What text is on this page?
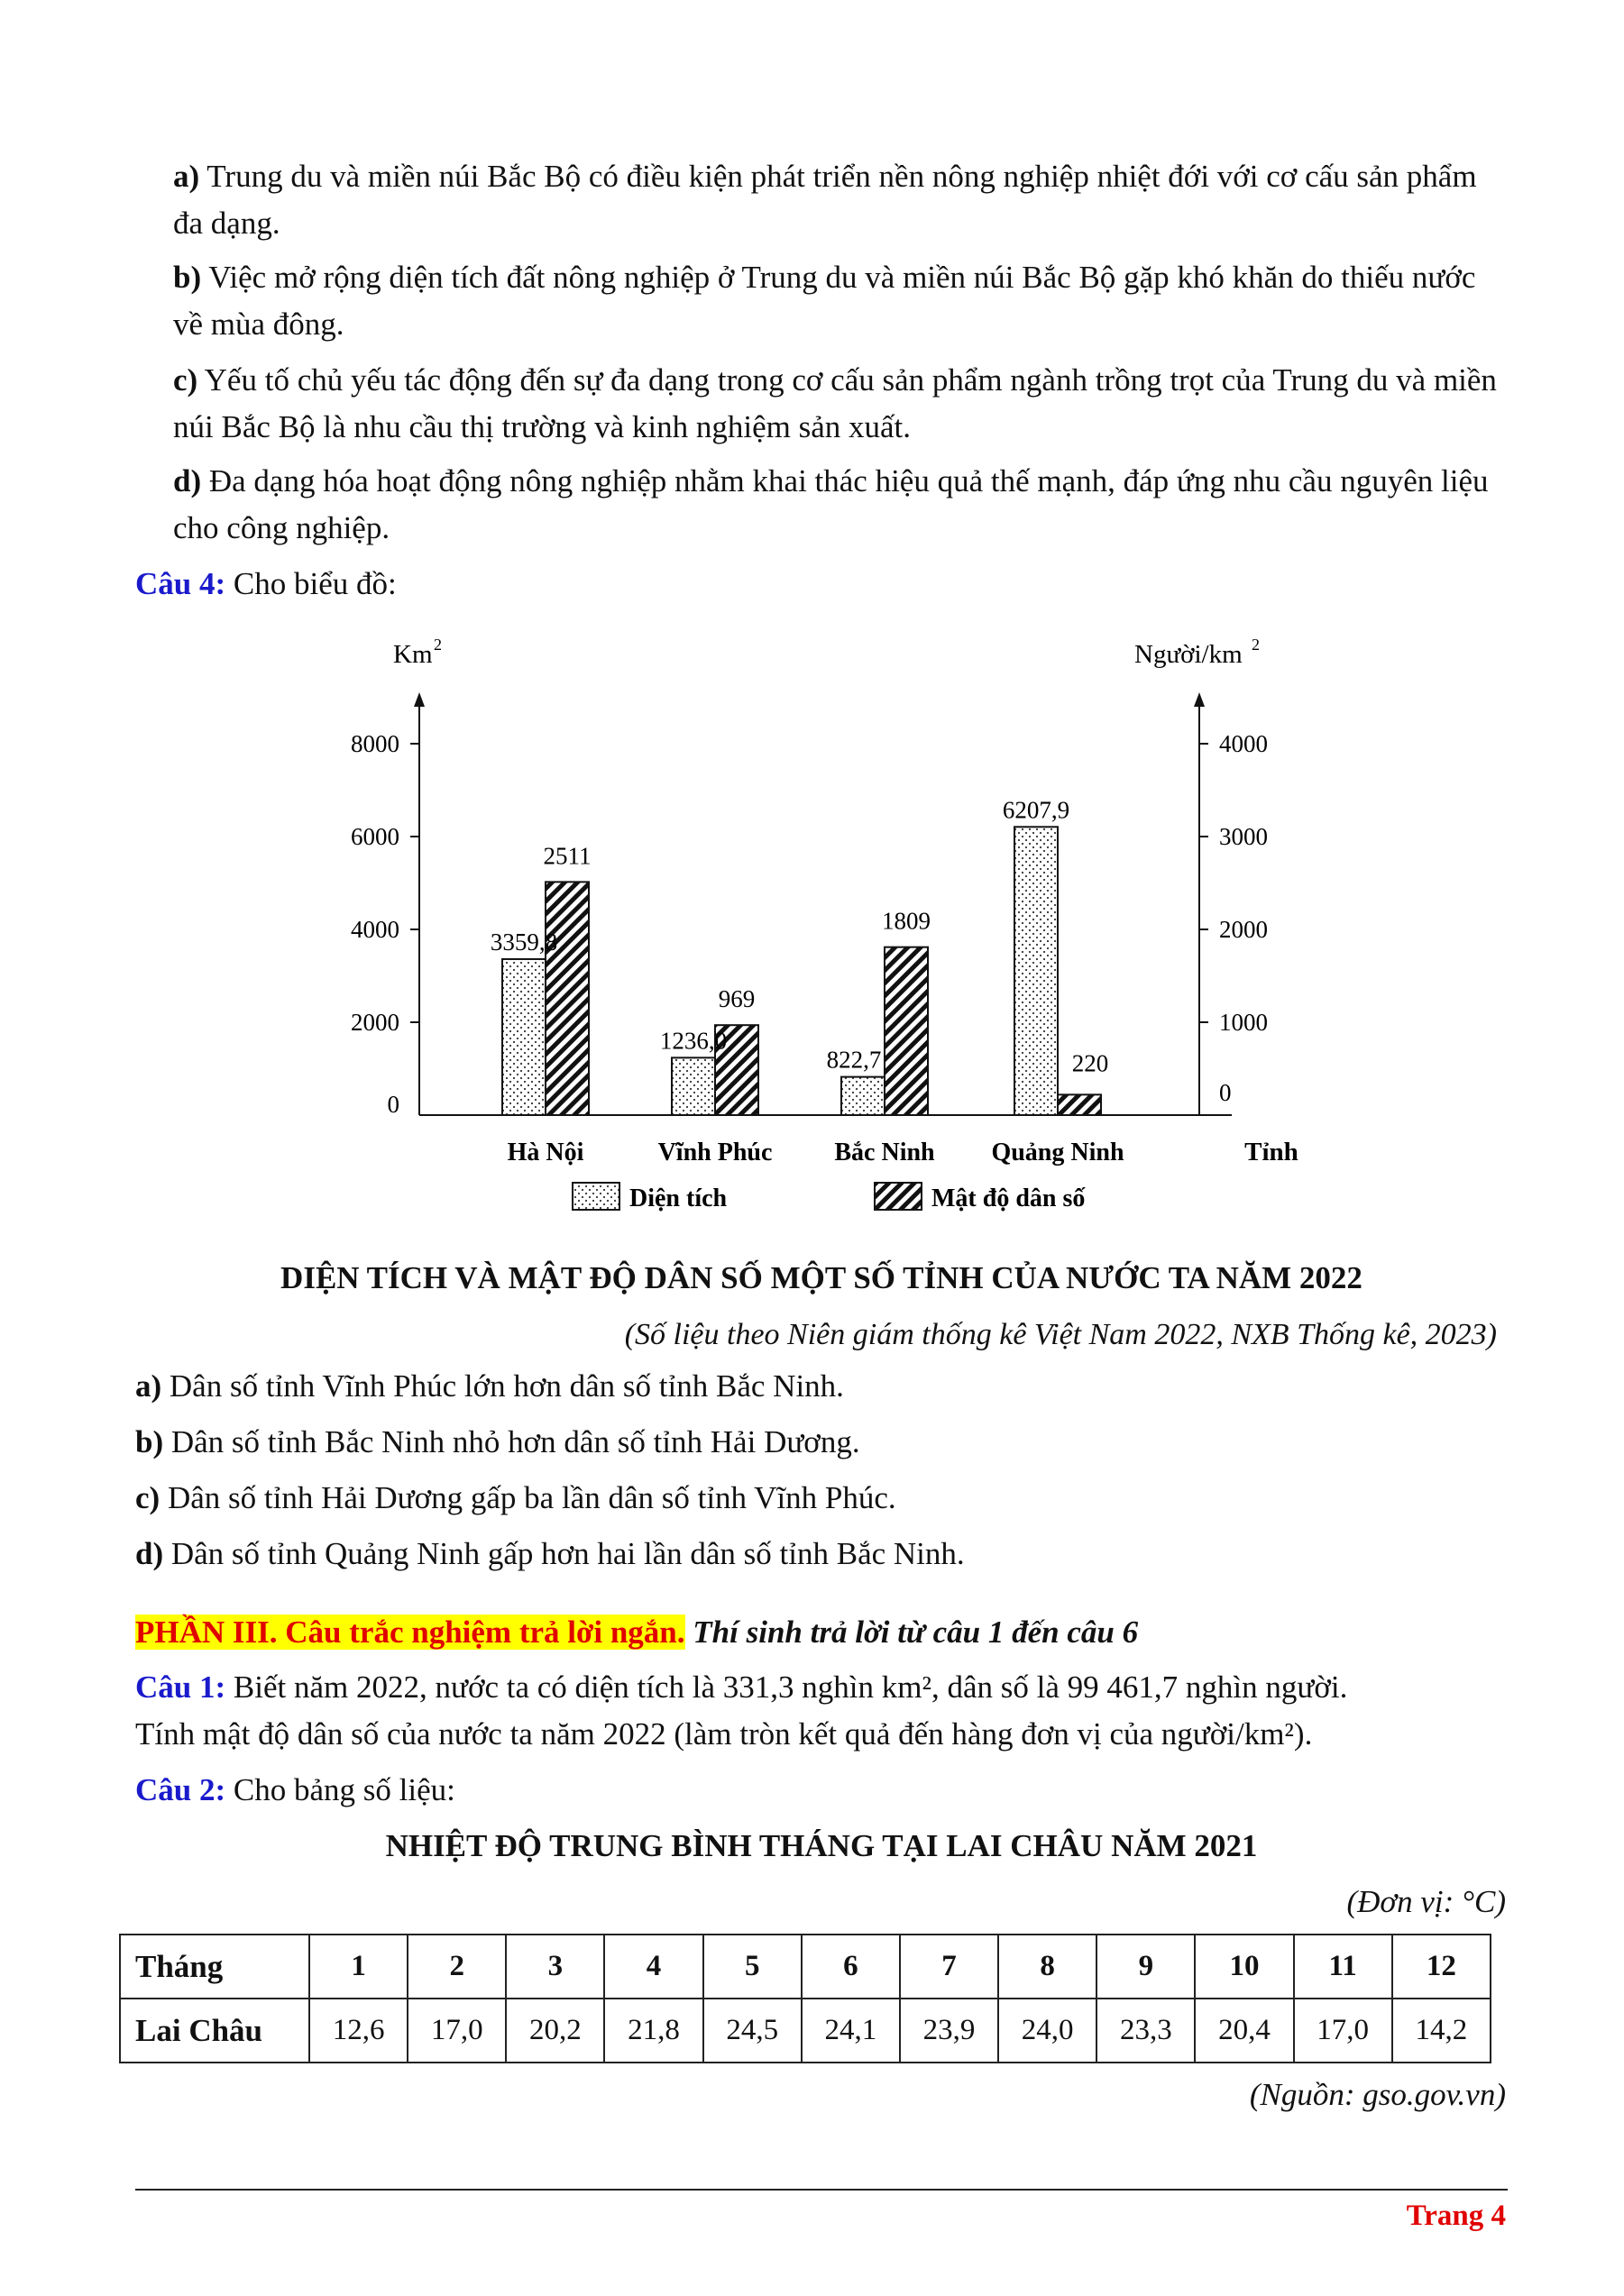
a) Trung du và miền núi Bắc Bộ có điều kiện phát triển nền nông nghiệp nhiệt đới với cơ cấu sản phẩm đa dạng.
b) Việc mở rộng diện tích đất nông nghiệp ở Trung du và miền núi Bắc Bộ gặp khó khăn do thiếu nước về mùa đông.
c) Yếu tố chủ yếu tác động đến sự đa dạng trong cơ cấu sản phẩm ngành trồng trọt của Trung du và miền núi Bắc Bộ là nhu cầu thị trường và kinh nghiệm sản xuất.
d) Đa dạng hóa hoạt động nông nghiệp nhằm khai thác hiệu quả thế mạnh, đáp ứng nhu cầu nguyên liệu cho công nghiệp.
Câu 4: Cho biểu đồ:
8000
6000
4000
2000
0
4000
3000
2000
1000
0
Km 2	Người/km 2
Tỉnh
3359,8
2511
Hà Nội
1236,0
969
Vĩnh Phúc
822,7
1809
Bắc Ninh
6207,9
220
Quảng Ninh
Diện tích	Mật độ dân số
DIỆN TÍCH VÀ MẬT ĐỘ DÂN SỐ MỘT SỐ TỈNH CỦA NƯỚC TA NĂM 2022
(Số liệu theo Niên giám thống kê Việt Nam 2022, NXB Thống kê, 2023)
a) Dân số tỉnh Vĩnh Phúc lớn hơn dân số tỉnh Bắc Ninh.
b) Dân số tỉnh Bắc Ninh nhỏ hơn dân số tỉnh Hải Dương.
c) Dân số tỉnh Hải Dương gấp ba lần dân số tỉnh Vĩnh Phúc.
d) Dân số tỉnh Quảng Ninh gấp hơn hai lần dân số tỉnh Bắc Ninh.
PHẦN III. Câu trắc nghiệm trả lời ngắn. Thí sinh trả lời từ câu 1 đến câu 6
Câu 1: Biết năm 2022, nước ta có diện tích là 331,3 nghìn km², dân số là 99 461,7 nghìn người.
Tính mật độ dân số của nước ta năm 2022 (làm tròn kết quả đến hàng đơn vị của người/km²).
Câu 2: Cho bảng số liệu:
NHIỆT ĐỘ TRUNG BÌNH THÁNG TẠI LAI CHÂU NĂM 2021
(Đơn vị: °C)
Tháng	1	2	3	4	5	6	7	8	9	10	11	12
Lai Châu	12,6	17,0	20,2	21,8	24,5	24,1	23,9	24,0	23,3	20,4	17,0	14,2
(Nguồn: gso.gov.vn)
Trang 4
